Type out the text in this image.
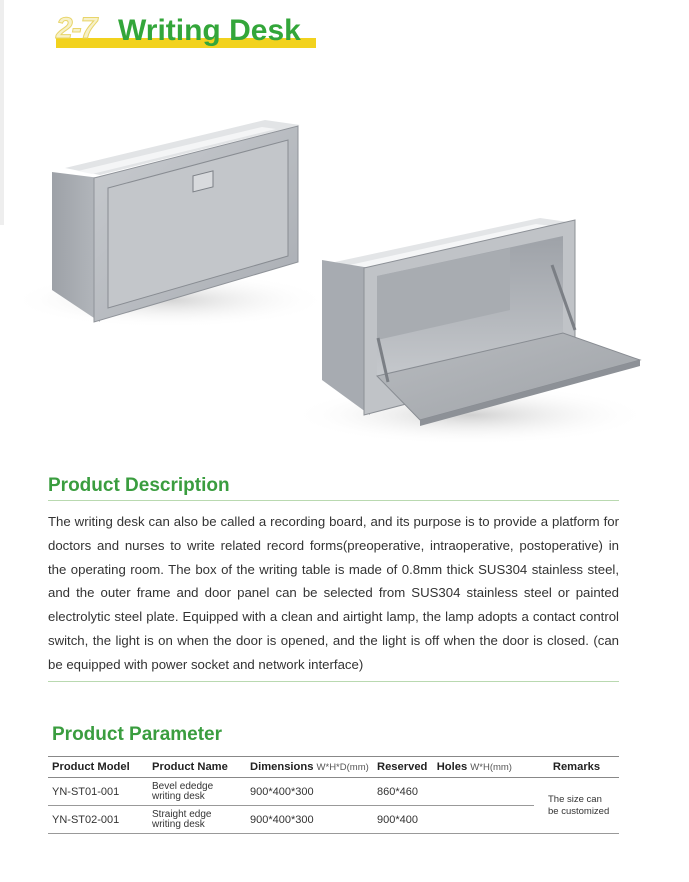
2-7 Writing Desk
Product Description
The writing desk can also be called a recording board, and its purpose is to provide a platform for doctors and nurses to write related record forms(preoperative, intraoperative, postoperative) in the operating room. The box of the writing table is made of 0.8mm thick SUS304 stainless steel, and the outer frame and door panel can be selected from SUS304 stainless steel or painted electrolytic steel plate. Equipped with a clean and airtight lamp, the lamp adopts a contact control switch, the light is on when the door is opened, and the light is off when the door is closed. (can be equipped with power socket and network interface)
Product Parameter
Product Model	Product Name	Dimensions W*H*D(mm)	Reserved Holes W*H(mm)	Remarks
YN-ST01-001	Bevel ededge writing desk	900*400*300	860*460	The size can be customized
YN-ST02-001	Straight edge writing desk	900*400*300	900*400	
